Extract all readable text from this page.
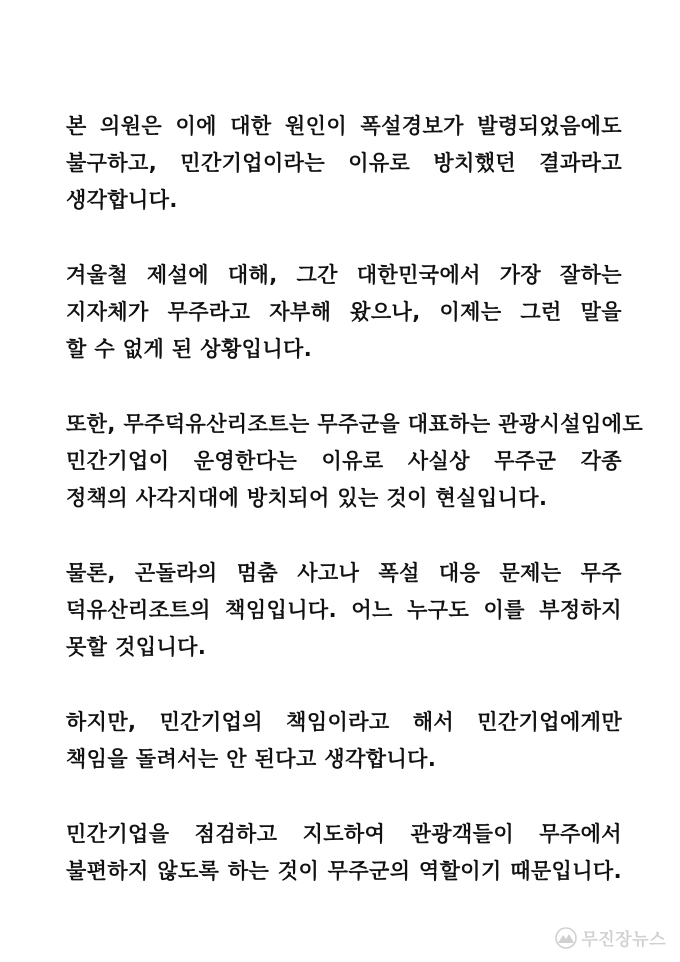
본 의원은 이에 대한 원인이 폭설경보가 발령되었음에도
불구하고, 민간기업이라는 이유로 방치했던 결과라고
생각합니다.
겨울철 제설에 대해, 그간 대한민국에서 가장 잘하는
지자체가 무주라고 자부해 왔으나, 이제는 그런 말을
할 수 없게 된 상황입니다.
또한, 무주덕유산리조트는 무주군을 대표하는 관광시설임에도
민간기업이 운영한다는 이유로 사실상 무주군 각종
정책의 사각지대에 방치되어 있는 것이 현실입니다.
물론, 곤돌라의 멈춤 사고나 폭설 대응 문제는 무주
덕유산리조트의 책임입니다. 어느 누구도 이를 부정하지
못할 것입니다.
하지만, 민간기업의 책임이라고 해서 민간기업에게만
책임을 돌려서는 안 된다고 생각합니다.
민간기업을 점검하고 지도하여 관광객들이 무주에서
불편하지 않도록 하는 것이 무주군의 역할이기 때문입니다.
무진장뉴스
